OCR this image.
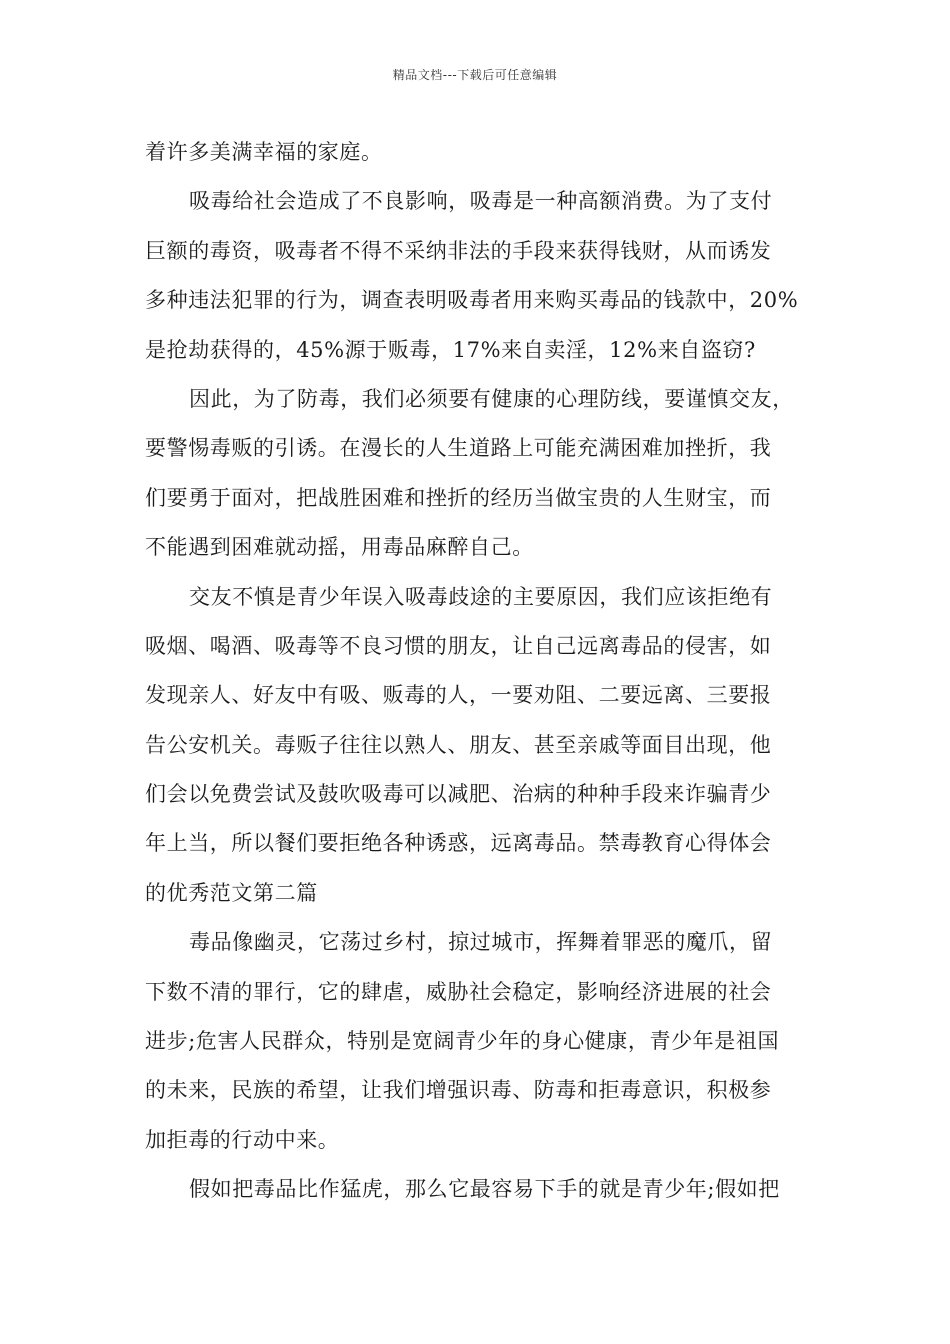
精品文档---下载后可任意编辑
着许多美满幸福的家庭。
吸毒给社会造成了不良影响，吸毒是一种高额消费。为了支付
巨额的毒资，吸毒者不得不采纳非法的手段来获得钱财，从而诱发
多种违法犯罪的行为，调查表明吸毒者用来购买毒品的钱款中，20%
是抢劫获得的，45%源于贩毒，17%来自卖淫，12%来自盗窃?
因此，为了防毒，我们必须要有健康的心理防线，要谨慎交友，
要警惕毒贩的引诱。在漫长的人生道路上可能充满困难加挫折，我
们要勇于面对，把战胜困难和挫折的经历当做宝贵的人生财宝，而
不能遇到困难就动摇，用毒品麻醉自己。
交友不慎是青少年误入吸毒歧途的主要原因，我们应该拒绝有
吸烟、喝酒、吸毒等不良习惯的朋友，让自己远离毒品的侵害，如
发现亲人、好友中有吸、贩毒的人，一要劝阻、二要远离、三要报
告公安机关。毒贩子往往以熟人、朋友、甚至亲戚等面目出现，他
们会以免费尝试及鼓吹吸毒可以减肥、治病的种种手段来诈骗青少
年上当，所以餐们要拒绝各种诱惑，远离毒品。禁毒教育心得体会
的优秀范文第二篇
毒品像幽灵，它荡过乡村，掠过城市，挥舞着罪恶的魔爪，留
下数不清的罪行，它的肆虐，威胁社会稳定，影响经济进展的社会
进步;危害人民群众，特别是宽阔青少年的身心健康，青少年是祖国
的未来，民族的希望，让我们增强识毒、防毒和拒毒意识，积极参
加拒毒的行动中来。
假如把毒品比作猛虎，那么它最容易下手的就是青少年;假如把
